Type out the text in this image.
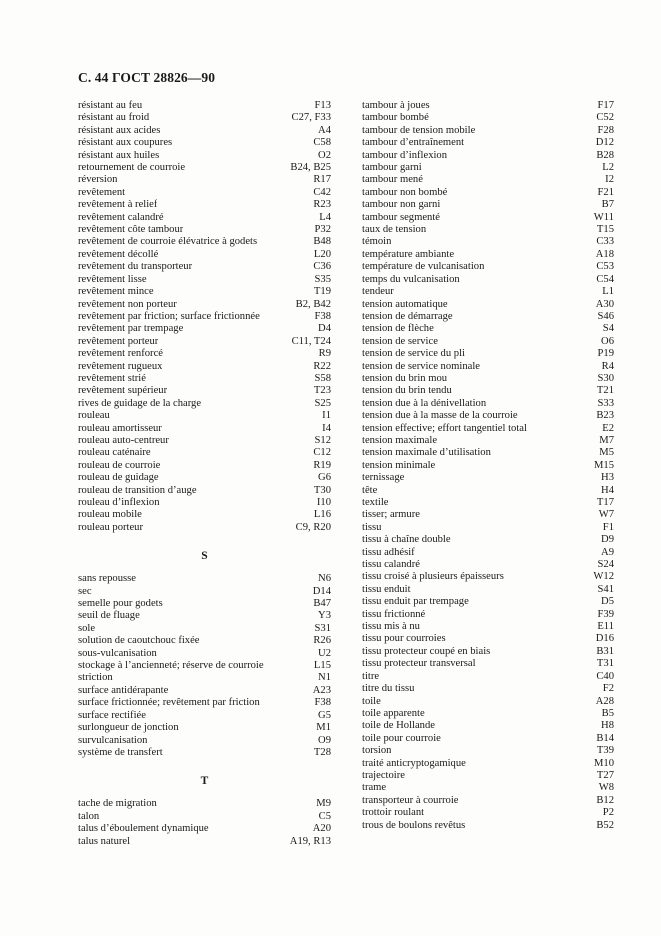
С. 44 ГОСТ 28826—90
résistant au feu	F13
résistant au froid	C27, F33
résistant aux acides	A4
résistant aux coupures	C58
résistant aux huiles	O2
retournement de courroie	B24, B25
réversion	R17
revêtement	C42
revêtement à relief	R23
revêtement calandré	L4
revêtement côte tambour	P32
revêtement de courroie élévatrice à godets	B48
revêtement décollé	L20
revêtement du transporteur	C36
revêtement lisse	S35
revêtement mince	T19
revêtement non porteur	B2, B42
revêtement par friction; surface frictionnée	F38
revêtement par trempage	D4
revêtement porteur	C11, T24
revêtement renforcé	R9
revêtement rugueux	R22
revêtement strié	S58
revêtement supérieur	T23
rives de guidage de la charge	S25
rouleau	I1
rouleau amortisseur	I4
rouleau auto-centreur	S12
rouleau caténaire	C12
rouleau de courroie	R19
rouleau de guidage	G6
rouleau de transition d’auge	T30
rouleau d’inflexion	I10
rouleau mobile	L16
rouleau porteur	C9, R20
S
sans repousse	N6
sec	D14
semelle pour godets	B47
seuil de fluage	Y3
sole	S31
solution de caoutchouc fixée	R26
sous-vulcanisation	U2
stockage à l’ancienneté; réserve de courroie	L15
striction	N1
surface antidérapante	A23
surface frictionnée; revêtement par friction	F38
surface rectifiée	G5
surlongueur de jonction	M1
survulcanisation	O9
système de transfert	T28
T
tache de migration	M9
talon	C5
talus d’éboulement dynamique	A20
talus naturel	A19, R13
tambour à joues	F17
tambour bombé	C52
tambour de tension mobile	F28
tambour d’entraînement	D12
tambour d’inflexion	B28
tambour garni	L2
tambour mené	I2
tambour non bombé	F21
tambour non garni	B7
tambour segmenté	W11
taux de tension	T15
témoin	C33
température ambiante	A18
température de vulcanisation	C53
temps du vulcanisation	C54
tendeur	L1
tension automatique	A30
tension de démarrage	S46
tension de flèche	S4
tension de service	O6
tension de service du pli	P19
tension de service nominale	R4
tension du brin mou	S30
tension du brin tendu	T21
tension due à la dénivellation	S33
tension due à la masse de la courroie	B23
tension effective; effort tangentiel total	E2
tension maximale	M7
tension maximale d’utilisation	M5
tension minimale	M15
ternissage	H3
tête	H4
textile	T17
tisser; armure	W7
tissu	F1
tissu à chaîne double	D9
tissu adhésif	A9
tissu calandré	S24
tissu croisé à plusieurs épaisseurs	W12
tissu enduit	S41
tissu enduit par trempage	D5
tissu frictionné	F39
tissu mis à nu	E11
tissu pour courroies	D16
tissu protecteur coupé en biais	B31
tissu protecteur transversal	T31
titre	C40
titre du tissu	F2
toile	A28
toile apparente	B5
toile de Hollande	H8
toile pour courroie	B14
torsion	T39
traité anticryptogamique	M10
trajectoire	T27
trame	W8
transporteur à courroie	B12
trottoir roulant	P2
trous de boulons revêtus	B52
